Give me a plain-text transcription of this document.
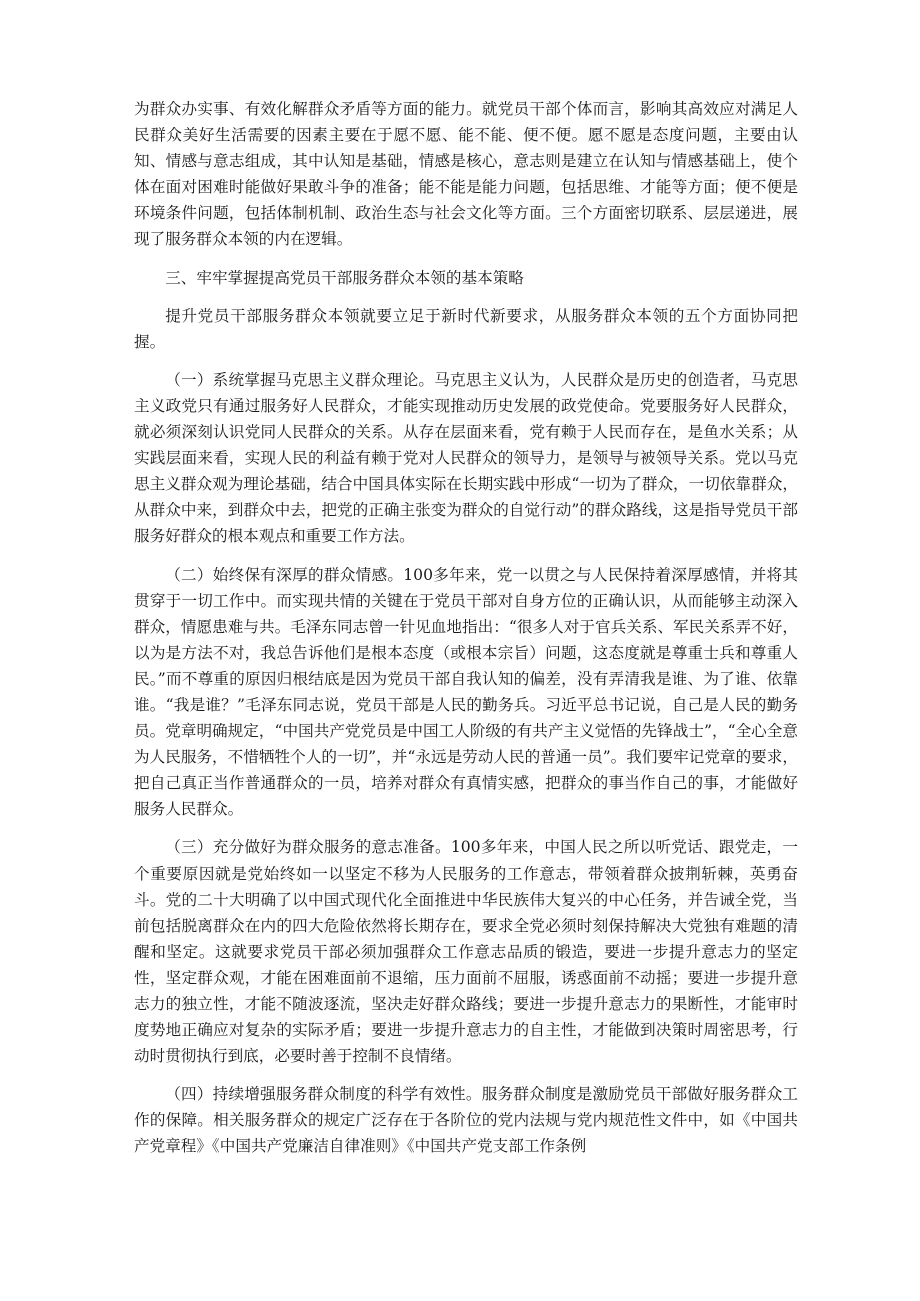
为群众办实事、有效化解群众矛盾等方面的能力。就党员干部个体而言，影响其高效应对满足人民群众美好生活需要的因素主要在于愿不愿、能不能、便不便。愿不愿是态度问题，主要由认知、情感与意志组成，其中认知是基础，情感是核心，意志则是建立在认知与情感基础上，使个体在面对困难时能做好果敢斗争的准备；能不能是能力问题，包括思维、才能等方面；便不便是环境条件问题，包括体制机制、政治生态与社会文化等方面。三个方面密切联系、层层递进，展现了服务群众本领的内在逻辑。

三、牢牢掌握提高党员干部服务群众本领的基本策略

提升党员干部服务群众本领就要立足于新时代新要求，从服务群众本领的五个方面协同把握。

（一）系统掌握马克思主义群众理论。马克思主义认为，人民群众是历史的创造者，马克思主义政党只有通过服务好人民群众，才能实现推动历史发展的政党使命。党要服务好人民群众，就必须深刻认识党同人民群众的关系。从存在层面来看，党有赖于人民而存在，是鱼水关系；从实践层面来看，实现人民的利益有赖于党对人民群众的领导力，是领导与被领导关系。党以马克思主义群众观为理论基础，结合中国具体实际在长期实践中形成“一切为了群众，一切依靠群众，从群众中来，到群众中去，把党的正确主张变为群众的自觉行动”的群众路线，这是指导党员干部服务好群众的根本观点和重要工作方法。

（二）始终保有深厚的群众情感。100多年来，党一以贯之与人民保持着深厚感情，并将其贯穿于一切工作中。而实现共情的关键在于党员干部对自身方位的正确认识，从而能够主动深入群众，情愿患难与共。毛泽东同志曾一针见血地指出：“很多人对于官兵关系、军民关系弄不好，以为是方法不对，我总告诉他们是根本态度（或根本宗旨）问题，这态度就是尊重士兵和尊重人民。”而不尊重的原因归根结底是因为党员干部自我认知的偏差，没有弄清我是谁、为了谁、依靠谁。“我是谁？”毛泽东同志说，党员干部是人民的勤务兵。习近平总书记说，自己是人民的勤务员。党章明确规定，“中国共产党党员是中国工人阶级的有共产主义觉悟的先锋战士”，“全心全意为人民服务，不惜牺牲个人的一切”，并“永远是劳动人民的普通一员”。我们要牢记党章的要求，把自己真正当作普通群众的一员，培养对群众有真情实感，把群众的事当作自己的事，才能做好服务人民群众。

（三）充分做好为群众服务的意志准备。100多年来，中国人民之所以听党话、跟党走，一个重要原因就是党始终如一以坚定不移为人民服务的工作意志，带领着群众披荆斩棘，英勇奋斗。党的二十大明确了以中国式现代化全面推进中华民族伟大复兴的中心任务，并告诫全党，当前包括脱离群众在内的四大危险依然将长期存在，要求全党必须时刻保持解决大党独有难题的清醒和坚定。这就要求党员干部必须加强群众工作意志品质的锻造，要进一步提升意志力的坚定性，坚定群众观，才能在困难面前不退缩，压力面前不屈服，诱惑面前不动摇；要进一步提升意志力的独立性，才能不随波逐流，坚决走好群众路线；要进一步提升意志力的果断性，才能审时度势地正确应对复杂的实际矛盾；要进一步提升意志力的自主性，才能做到决策时周密思考，行动时贯彻执行到底，必要时善于控制不良情绪。

（四）持续增强服务群众制度的科学有效性。服务群众制度是激励党员干部做好服务群众工作的保障。相关服务群众的规定广泛存在于各阶位的党内法规与党内规范性文件中，如《中国共产党章程》《中国共产党廉洁自律准则》《中国共产党支部工作条例
